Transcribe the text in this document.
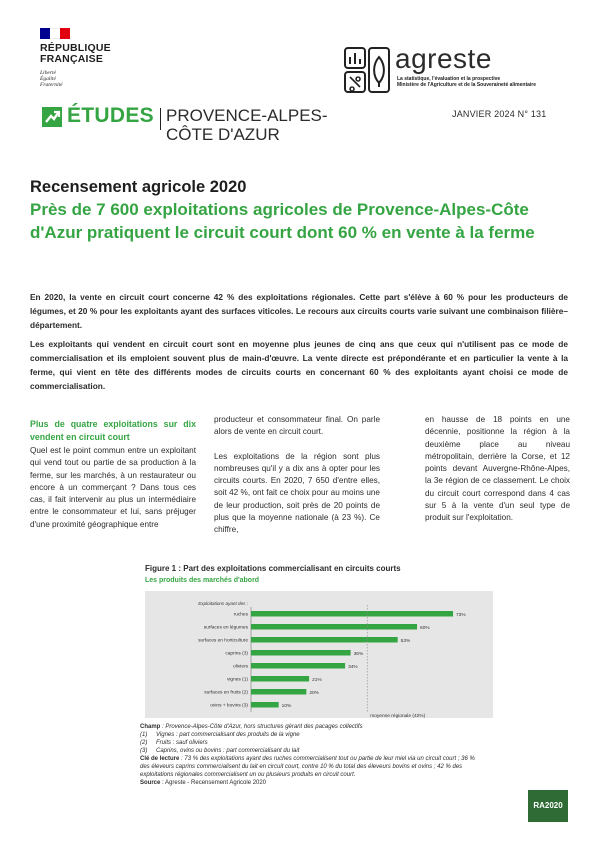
RÉPUBLIQUE
FRANÇAISE
Liberté
Égalité
Fraternité
agreste
La statistique, l'évaluation et la prospective
Ministère de l'Agriculture et de la Souveraineté alimentaire
ÉTUDES PROVENCE-ALPES-
CÔTE D'AZUR
JANVIER 2024 N° 131
Recensement agricole 2020
Près de 7 600 exploitations agricoles de Provence-Alpes-Côte d'Azur pratiquent le circuit court dont 60 % en vente à la ferme
En 2020, la vente en circuit court concerne 42 % des exploitations régionales. Cette part s'élève à 60 % pour les producteurs de légumes, et 20 % pour les exploitants ayant des surfaces viticoles. Le recours aux circuits courts varie suivant une combinaison filière–département.
Les exploitants qui vendent en circuit court sont en moyenne plus jeunes de cinq ans que ceux qui n'utilisent pas ce mode de commercialisation et ils emploient souvent plus de main-d'œuvre. La vente directe est prépondérante et en particulier la vente à la ferme, qui vient en tête des différents modes de circuits courts en concernant 60 % des exploitants ayant choisi ce mode de commercialisation.
Plus de quatre exploitations sur dix vendent en circuit court

Quel est le point commun entre un exploitant qui vend tout ou partie de sa production à la ferme, sur les marchés, à un restaurateur ou encore à un commerçant ? Dans tous ces cas, il fait intervenir au plus un intermédiaire entre le consommateur et lui, sans préjuger d'une proximité géographique entre

producteur et consommateur final. On parle alors de vente en circuit court.

Les exploitations de la région sont plus nombreuses qu'il y a dix ans à opter pour les circuits courts. En 2020, 7 650 d'entre elles, soit 42 %, ont fait ce choix pour au moins une de leur production, soit près de 20 points de plus que la moyenne nationale (à 23 %). Ce chiffre,

en hausse de 18 points en une décennie, positionne la région à la deuxième place au niveau métropolitain, derrière la Corse, et 12 points devant Auvergne-Rhône-Alpes, la 3e région de ce classement. Le choix du circuit court correspond dans 4 cas sur 5 à la vente d'un seul type de produit sur l'exploitation.

Figure 1 : Part des exploitations commercialisant en circuits courts
Les produits des marchés d'abord
Exploitations ayant des :
ruches	73%
surfaces en légumes	60%
surfaces en horticulture	53%
caprins (3)	36%
oliviers	34%
vignes (1)	21%
surfaces en fruits (2)	20%
ovins + bovins (3)	10%
moyenne régionale (42%)
Champ : Provence-Alpes-Côte d'Azur, hors structures gérant des pacages collectifs
(1) Vignes : part commercialisant des produits de la vigne
(2) Fruits : sauf oliviers
(3) Caprins, ovins ou bovins : part commercialisant du lait
Clé de lecture : 73 % des exploitations ayant des ruches commercialisent tout ou partie de leur miel via un circuit court ; 36 % des éleveurs caprins commercialisent du lait en circuit court, contre 10 % du total des éleveurs bovins et ovins ; 42 % des exploitations régionales commercialisent un ou plusieurs produits en circuit court.
Source : Agreste - Recensement Agricole 2020
RA2020
